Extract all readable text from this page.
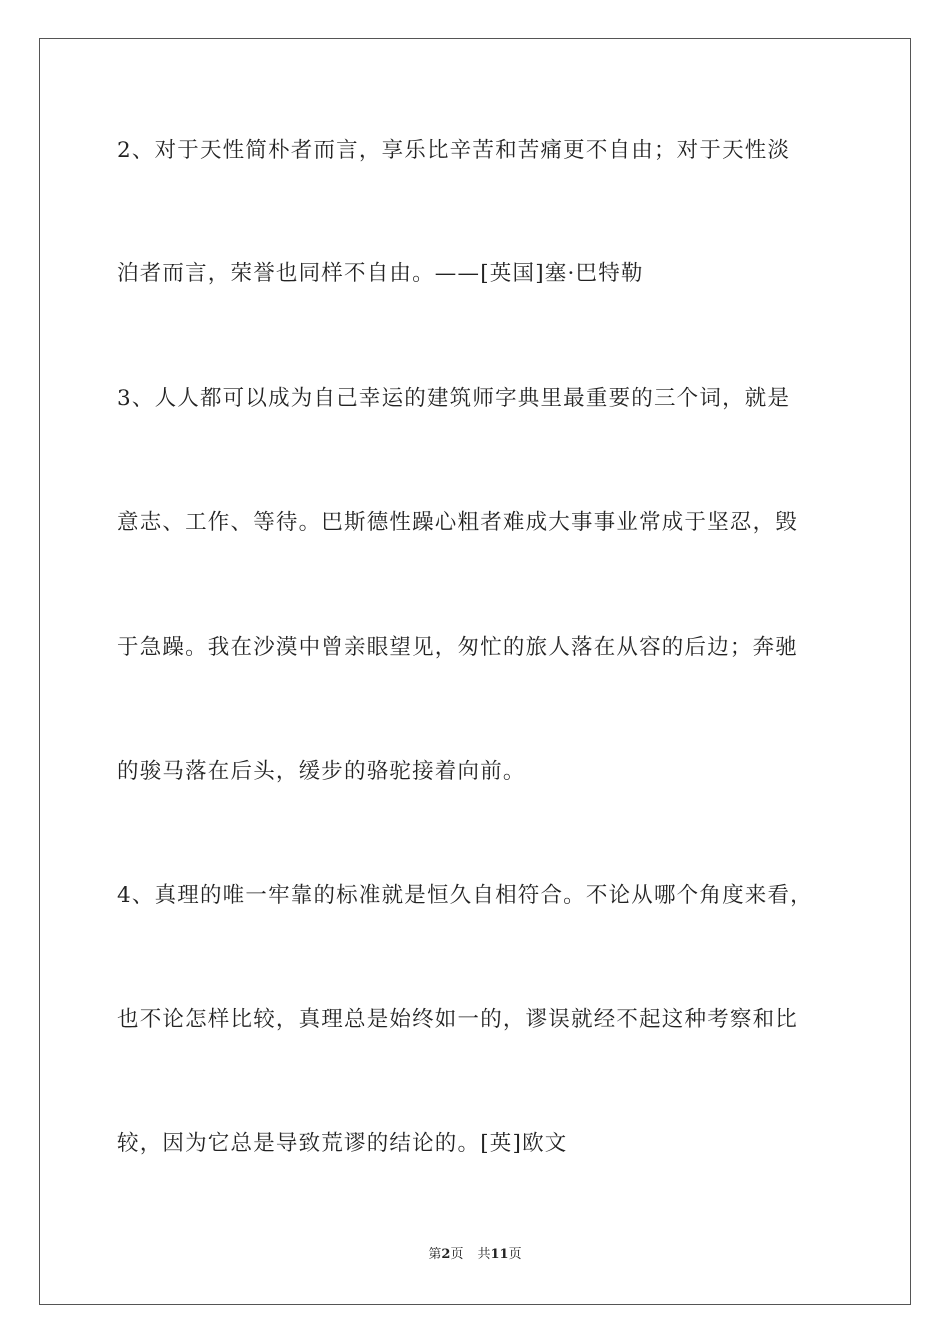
2、对于天性简朴者而言，享乐比辛苦和苦痛更不自由；对于天性淡
泊者而言，荣誉也同样不自由。——[英国]塞·巴特勒
3、人人都可以成为自己幸运的建筑师字典里最重要的三个词，就是
意志、工作、等待。巴斯德性躁心粗者难成大事事业常成于坚忍，毁
于急躁。我在沙漠中曾亲眼望见，匆忙的旅人落在从容的后边；奔驰
的骏马落在后头，缓步的骆驼接着向前。
4、真理的唯一牢靠的标准就是恒久自相符合。不论从哪个角度来看，
也不论怎样比较，真理总是始终如一的，谬误就经不起这种考察和比
较，因为它总是导致荒谬的结论的。[英]欧文
第2页 共11页
